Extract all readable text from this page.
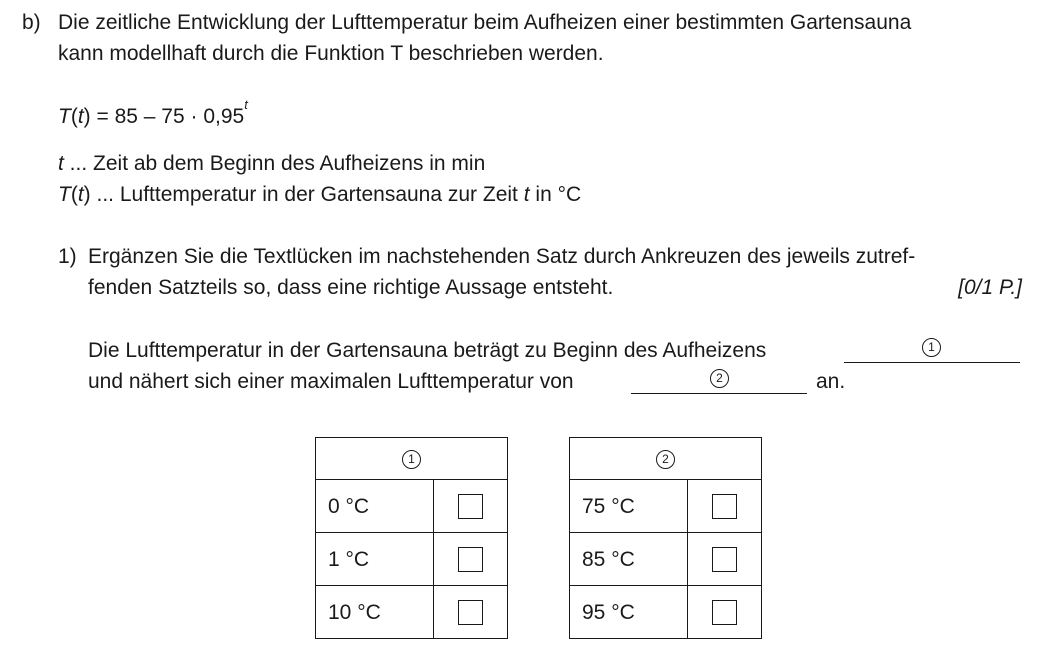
b) Die zeitliche Entwicklung der Lufttemperatur beim Aufheizen einer bestimmten Gartensauna
kann modellhaft durch die Funktion T beschrieben werden.
$T(t) = 85 - 75 \cdot 0,95^t$
t ... Zeit ab dem Beginn des Aufheizens in min
T(t) ... Lufttemperatur in der Gartensauna zur Zeit t in °C
1) Ergänzen Sie die Textlücken im nachstehenden Satz durch Ankreuzen des jeweils zutref-
fenden Satzteils so, dass eine richtige Aussage entsteht.	[0/1 P.]
Die Lufttemperatur in der Gartensauna beträgt zu Beginn des Aufheizens	1
und nähert sich einer maximalen Lufttemperatur von	2	an.
1	
0 °C	
1 °C	
10 °C	
2	
75 °C	
85 °C	
95 °C	
